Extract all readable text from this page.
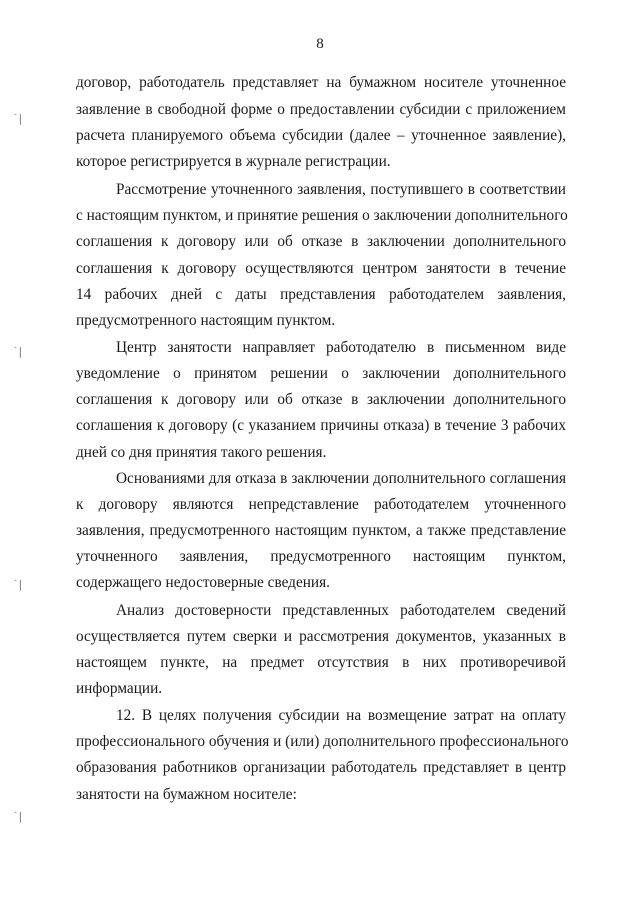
8
˙|
˙|
˙|
˙|
договор, работодатель представляет на бумажном носителе уточненное
заявление в свободной форме о предоставлении субсидии с приложением
расчета планируемого объема субсидии (далее – уточненное заявление),
которое регистрируется в журнале регистрации.
Рассмотрение уточненного заявления, поступившего в соответствии
с настоящим пунктом, и принятие решения о заключении дополнительного
соглашения к договору или об отказе в заключении дополнительного
соглашения к договору осуществляются центром занятости в течение
14 рабочих дней с даты представления работодателем заявления,
предусмотренного настоящим пунктом.
Центр занятости направляет работодателю в письменном виде
уведомление о принятом решении о заключении дополнительного
соглашения к договору или об отказе в заключении дополнительного
соглашения к договору (с указанием причины отказа) в течение 3 рабочих
дней со дня принятия такого решения.
Основаниями для отказа в заключении дополнительного соглашения
к договору являются непредставление работодателем уточненного
заявления, предусмотренного настоящим пунктом, а также представление
уточненного заявления, предусмотренного настоящим пунктом,
содержащего недостоверные сведения.
Анализ достоверности представленных работодателем сведений
осуществляется путем сверки и рассмотрения документов, указанных в
настоящем пункте, на предмет отсутствия в них противоречивой
информации.
12. В целях получения субсидии на возмещение затрат на оплату
профессионального обучения и (или) дополнительного профессионального
образования работников организации работодатель представляет в центр
занятости на бумажном носителе:
